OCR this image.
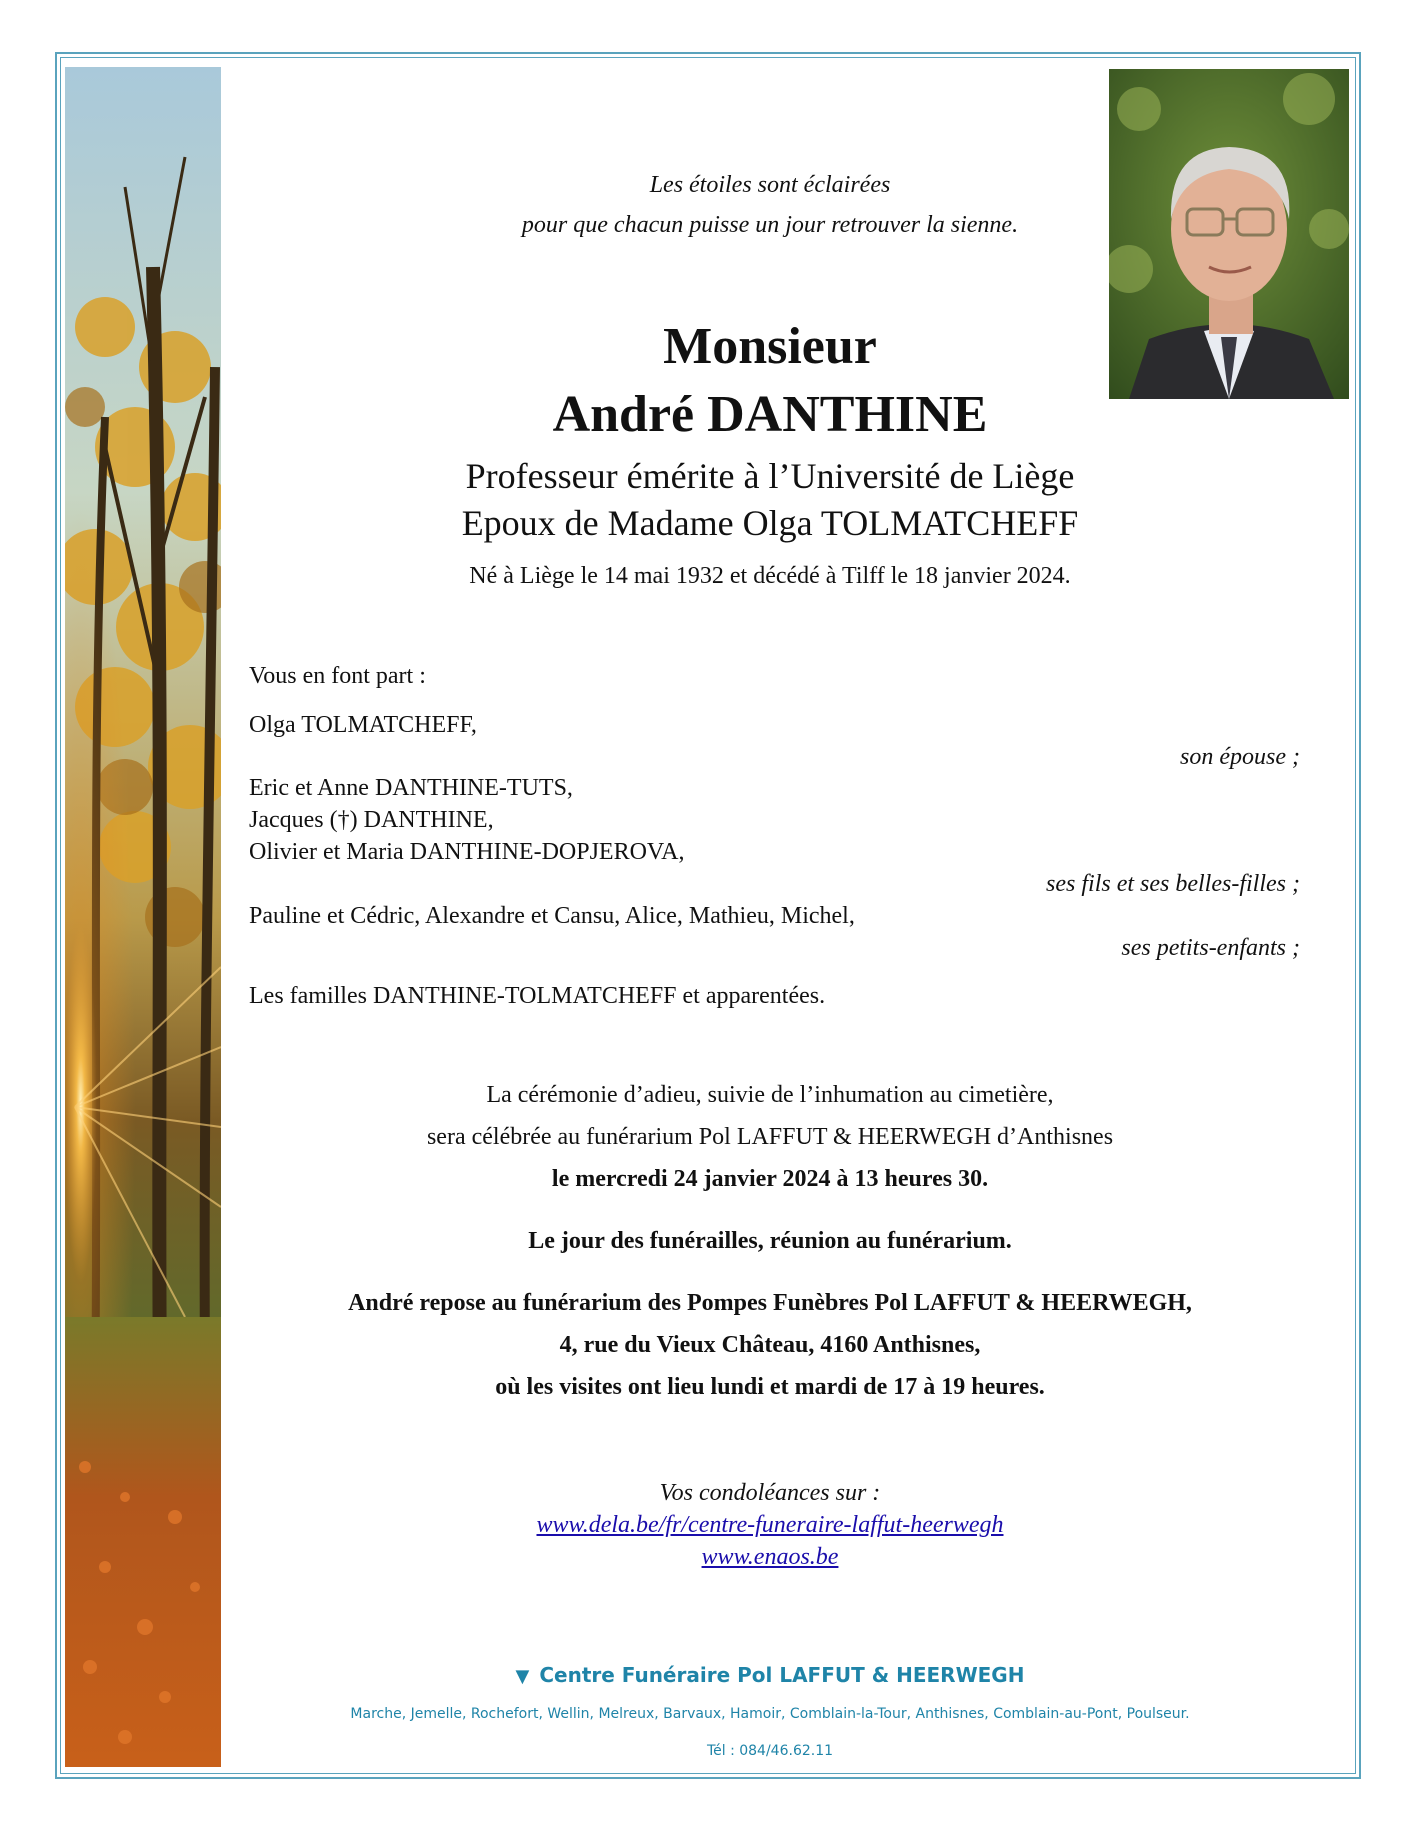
Les étoiles sont éclairées
pour que chacun puisse un jour retrouver la sienne.
Monsieur
André DANTHINE
Professeur émérite à l’Université de Liège
Epoux de Madame Olga TOLMATCHEFF
Né à Liège le 14 mai 1932 et décédé à Tilff le 18 janvier 2024.
Vous en font part :
Olga TOLMATCHEFF,
son épouse ;
Eric et Anne DANTHINE-TUTS,
Jacques (†) DANTHINE,
Olivier et Maria DANTHINE-DOPJEROVA,
ses fils et ses belles-filles ;
Pauline et Cédric, Alexandre et Cansu, Alice, Mathieu, Michel,
ses petits-enfants ;
Les familles DANTHINE-TOLMATCHEFF et apparentées.
La cérémonie d’adieu, suivie de l’inhumation au cimetière,
sera célébrée au funérarium Pol LAFFUT & HEERWEGH d’Anthisnes
le mercredi 24 janvier 2024 à 13 heures 30.
Le jour des funérailles, réunion au funérarium.
André repose au funérarium des Pompes Funèbres Pol LAFFUT & HEERWEGH,
4, rue du Vieux Château, 4160 Anthisnes,
où les visites ont lieu lundi et mardi de 17 à 19 heures.
Vos condoléances sur :
www.dela.be/fr/centre-funeraire-laffut-heerwegh
www.enaos.be
▼ Centre Funéraire Pol LAFFUT & HEERWEGH
Marche, Jemelle, Rochefort, Wellin, Melreux, Barvaux, Hamoir, Comblain-la-Tour, Anthisnes, Comblain-au-Pont, Poulseur.
Tél : 084/46.62.11
